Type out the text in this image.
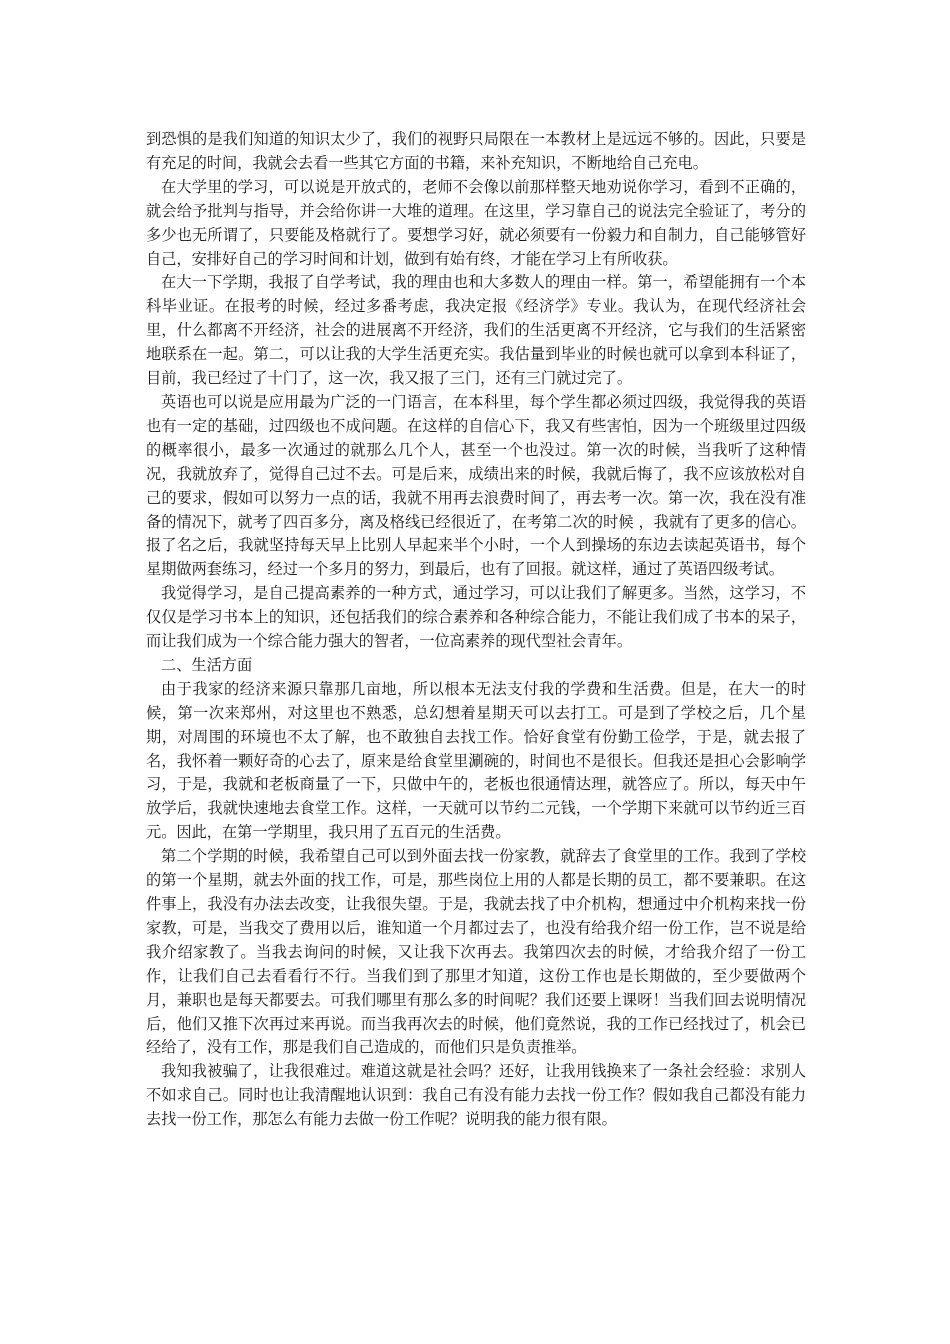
到恐惧的是我们知道的知识太少了，我们的视野只局限在一本教材上是远远不够的。因此，只要是有充足的时间，我就会去看一些其它方面的书籍，来补充知识，不断地给自己充电。

在大学里的学习，可以说是开放式的，老师不会像以前那样整天地劝说你学习，看到不正确的，就会给予批判与指导，并会给你讲一大堆的道理。在这里，学习靠自己的说法完全验证了，考分的多少也无所谓了，只要能及格就行了。要想学习好，就必须要有一份毅力和自制力，自己能够管好自己，安排好自己的学习时间和计划，做到有始有终，才能在学习上有所收获。

在大一下学期，我报了自学考试，我的理由也和大多数人的理由一样。第一，希望能拥有一个本科毕业证。在报考的时候，经过多番考虑，我决定报《经济学》专业。我认为，在现代经济社会里，什么都离不开经济，社会的进展离不开经济，我们的生活更离不开经济，它与我们的生活紧密地联系在一起。第二，可以让我的大学生活更充实。我估量到毕业的时候也就可以拿到本科证了，目前，我已经过了十门了，这一次，我又报了三门，还有三门就过完了。

英语也可以说是应用最为广泛的一门语言，在本科里，每个学生都必须过四级，我觉得我的英语也有一定的基础，过四级也不成问题。在这样的自信心下，我又有些害怕，因为一个班级里过四级的概率很小，最多一次通过的就那么几个人，甚至一个也没过。第一次的时候，当我听了这种情况，我就放弃了，觉得自己过不去。可是后来，成绩出来的时候，我就后悔了，我不应该放松对自己的要求，假如可以努力一点的话，我就不用再去浪费时间了，再去考一次。第一次，我在没有准备的情况下，就考了四百多分，离及格线已经很近了，在考第二次的时候 ，我就有了更多的信心。报了名之后，我就坚持每天早上比别人早起来半个小时，一个人到操场的东边去读起英语书，每个星期做两套练习，经过一个多月的努力，到最后，也有了回报。就这样，通过了英语四级考试。

我觉得学习，是自己提高素养的一种方式，通过学习，可以让我们了解更多。当然，这学习，不仅仅是学习书本上的知识，还包括我们的综合素养和各种综合能力，不能让我们成了书本的呆子，而让我们成为一个综合能力强大的智者，一位高素养的现代型社会青年。

二、生活方面

由于我家的经济来源只靠那几亩地，所以根本无法支付我的学费和生活费。但是，在大一的时候，第一次来郑州，对这里也不熟悉，总幻想着星期天可以去打工。可是到了学校之后，几个星期，对周围的环境也不太了解，也不敢独自去找工作。恰好食堂有份勤工俭学，于是，就去报了名，我怀着一颗好奇的心去了，原来是给食堂里涮碗的，时间也不是很长。但我还是担心会影响学习，于是，我就和老板商量了一下，只做中午的，老板也很通情达理，就答应了。所以，每天中午放学后，我就快速地去食堂工作。这样，一天就可以节约二元钱，一个学期下来就可以节约近三百元。因此，在第一学期里，我只用了五百元的生活费。

第二个学期的时候，我希望自己可以到外面去找一份家教，就辞去了食堂里的工作。我到了学校的第一个星期，就去外面的找工作，可是，那些岗位上用的人都是长期的员工，都不要兼职。在这件事上，我没有办法去改变，让我很失望。于是，我就去找了中介机构，想通过中介机构来找一份家教，可是，当我交了费用以后，谁知道一个月都过去了，也没有给我介绍一份工作，岂不说是给我介绍家教了。当我去询问的时候，又让我下次再去。我第四次去的时候，才给我介绍了一份工作，让我们自己去看看行不行。当我们到了那里才知道，这份工作也是长期做的，至少要做两个月，兼职也是每天都要去。可我们哪里有那么多的时间呢？我们还要上课呀！当我们回去说明情况后，他们又推下次再过来再说。而当我再次去的时候，他们竟然说，我的工作已经找过了，机会已经给了，没有工作，那是我们自己造成的，而他们只是负责推举。

我知我被骗了，让我很难过。难道这就是社会吗？还好，让我用钱换来了一条社会经验：求别人不如求自己。同时也让我清醒地认识到：我自己有没有能力去找一份工作？假如我自己都没有能力去找一份工作，那怎么有能力去做一份工作呢？说明我的能力很有限。
